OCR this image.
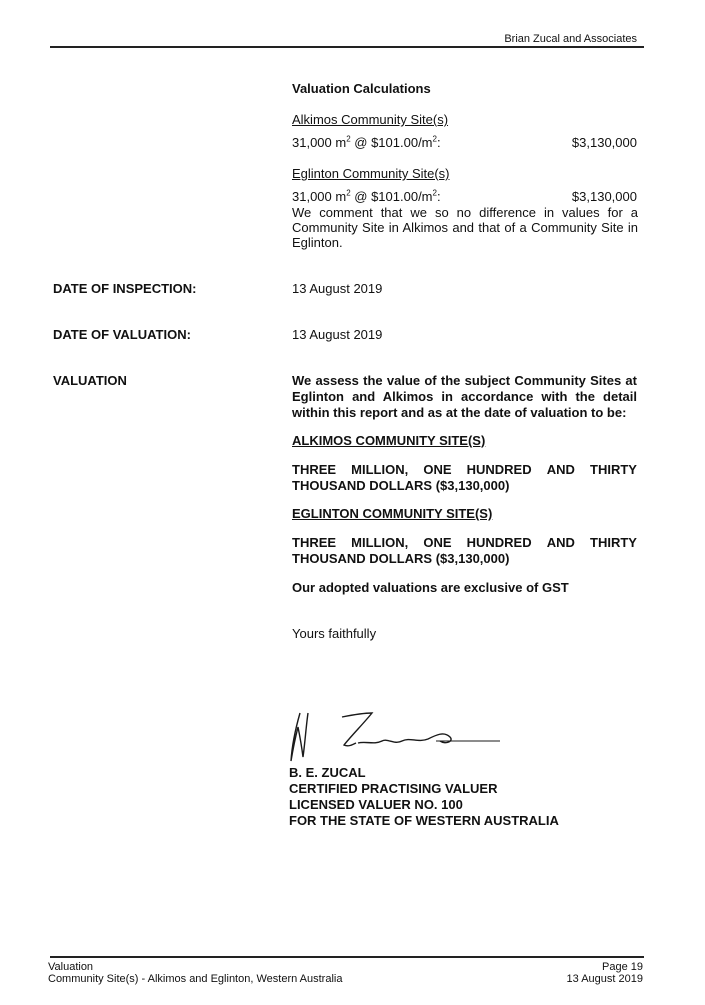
Brian Zucal and Associates
Valuation Calculations
Alkimos Community Site(s)
31,000 $m^2$ @ $\$101.00/m^2$:	$3,130,000
Eglinton Community Site(s)
31,000 $m^2$ @ $\$101.00/m^2$:	$3,130,000
We comment that we so no difference in values for a Community Site in Alkimos and that of a Community Site in Eglinton.
DATE OF INSPECTION:	13 August 2019
DATE OF VALUATION:	13 August 2019
VALUATION	We assess the value of the subject Community Sites at Eglinton and Alkimos in accordance with the detail within this report and as at the date of valuation to be:
ALKIMOS COMMUNITY SITE(S)
THREE MILLION, ONE HUNDRED AND THIRTY
THOUSAND DOLLARS ($3,130,000)
EGLINTON COMMUNITY SITE(S)
THREE MILLION, ONE HUNDRED AND THIRTY
THOUSAND DOLLARS ($3,130,000)
Our adopted valuations are exclusive of GST
Yours faithfully
B. E. ZUCAL
CERTIFIED PRACTISING VALUER
LICENSED VALUER NO. 100
FOR THE STATE OF WESTERN AUSTRALIA
Valuation
Community Site(s) - Alkimos and Eglinton, Western Australia
Page 19
13 August 2019
